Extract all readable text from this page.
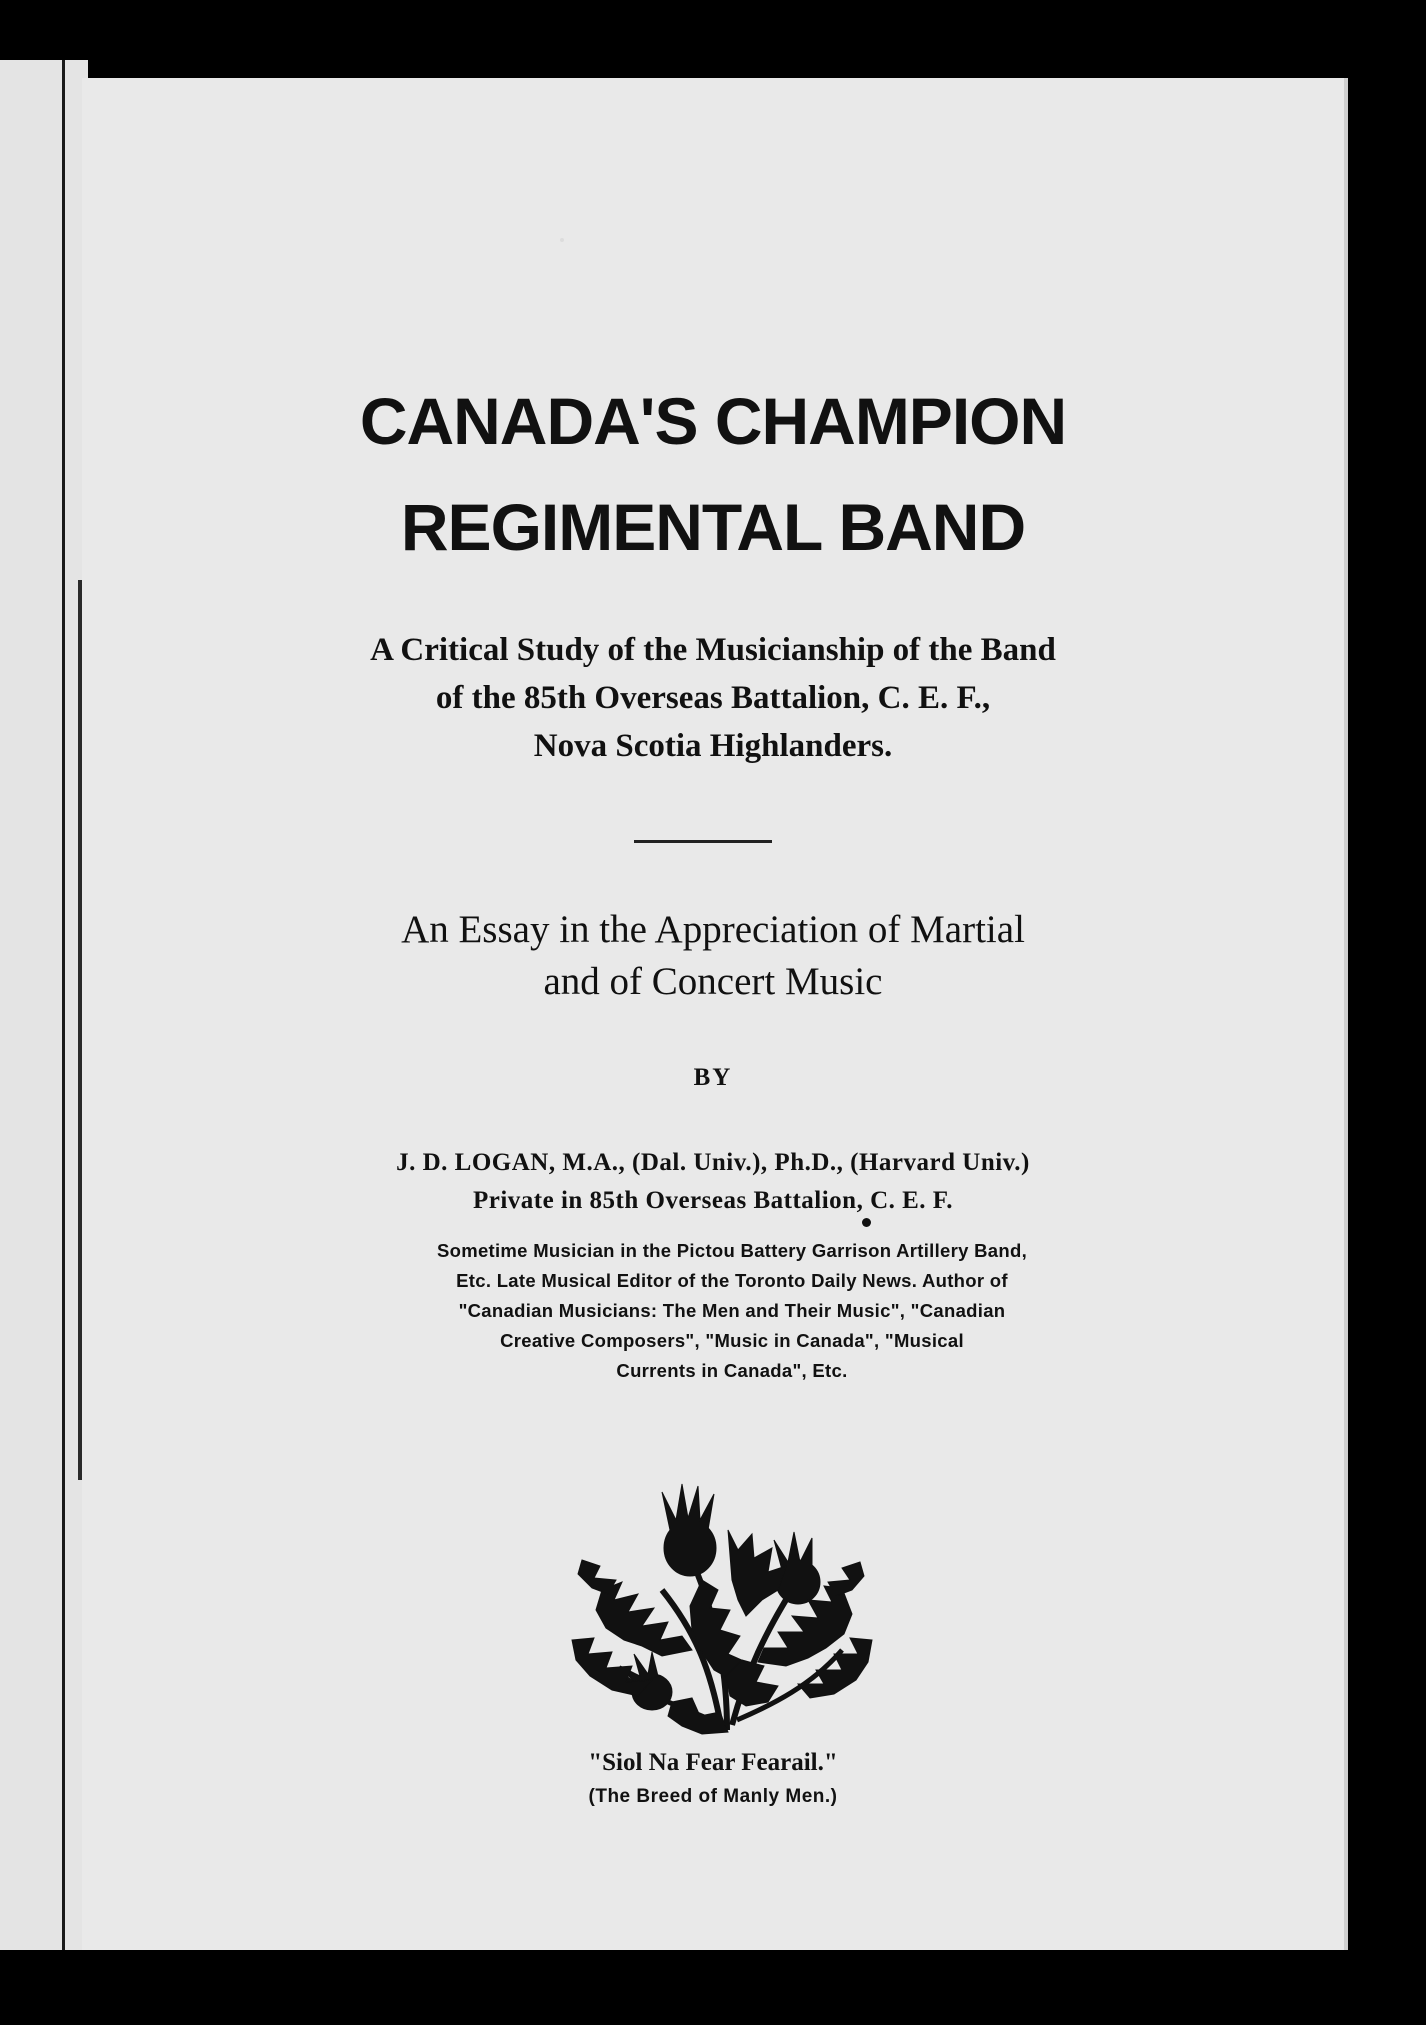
CANADA'S CHAMPION
REGIMENTAL BAND
A Critical Study of the Musicianship of the Band
of the 85th Overseas Battalion, C. E. F.,
Nova Scotia Highlanders.
An Essay in the Appreciation of Martial
and of Concert Music
BY
J. D. LOGAN, M.A., (Dal. Univ.), Ph.D., (Harvard Univ.)
Private in 85th Overseas Battalion, C. E. F.
Sometime Musician in the Pictou Battery Garrison Artillery Band,
Etc. Late Musical Editor of the Toronto Daily News. Author of
"Canadian Musicians: The Men and Their Music", "Canadian
Creative Composers", "Music in Canada", "Musical
Currents in Canada", Etc.
"Siol Na Fear Fearail."
(The Breed of Manly Men.)
